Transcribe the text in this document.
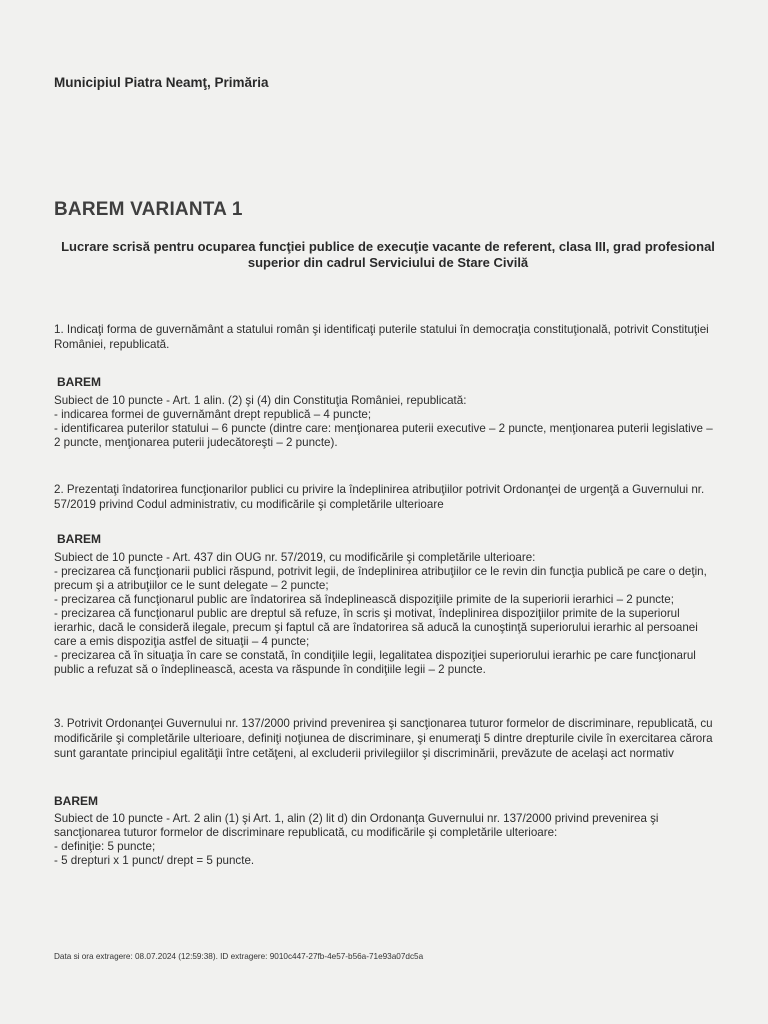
Municipiul Piatra Neamţ, Primăria
BAREM VARIANTA 1
Lucrare scrisă pentru ocuparea funcţiei publice de execuţie vacante de referent, clasa III, grad profesional superior din cadrul Serviciului de Stare Civilă
1. Indicaţi forma de guvernământ a statului român şi identificaţi puterile statului în democraţia constituţională, potrivit Constituţiei României, republicată.
BAREM
Subiect de 10 puncte - Art. 1 alin. (2) şi (4) din Constituţia României, republicată:
- indicarea formei de guvernământ drept republică – 4 puncte;
- identificarea puterilor statului – 6 puncte (dintre care: menţionarea puterii executive – 2 puncte, menţionarea puterii legislative – 2 puncte, menţionarea puterii judecătoreşti – 2 puncte).
2. Prezentaţi îndatorirea funcţionarilor publici cu privire la îndeplinirea atribuţiilor potrivit Ordonanţei de urgenţă a Guvernului nr. 57/2019 privind Codul administrativ, cu modificările şi completările ulterioare
BAREM
Subiect de 10 puncte - Art. 437 din OUG nr. 57/2019, cu modificările şi completările ulterioare:
- precizarea că funcţionarii publici răspund, potrivit legii, de îndeplinirea atribuţiilor ce le revin din funcţia publică pe care o deţin, precum şi a atribuţiilor ce le sunt delegate – 2 puncte;
- precizarea că funcţionarul public are îndatorirea să îndeplinească dispoziţiile primite de la superiorii ierarhici – 2 puncte;
- precizarea că funcţionarul public are dreptul să refuze, în scris şi motivat, îndeplinirea dispoziţiilor primite de la superiorul ierarhic, dacă le consideră ilegale, precum şi faptul că are îndatorirea să aducă la cunoştinţă superiorului ierarhic al persoanei care a emis dispoziţia astfel de situaţii – 4 puncte;
- precizarea că în situaţia în care se constată, în condiţiile legii, legalitatea dispoziţiei superiorului ierarhic pe care funcţionarul public a refuzat să o îndeplinească, acesta va răspunde în condiţiile legii – 2 puncte.
3. Potrivit Ordonanţei Guvernului nr. 137/2000 privind prevenirea şi sancţionarea tuturor formelor de discriminare, republicată, cu modificările şi completările ulterioare, definiţi noţiunea de discriminare, şi enumeraţi 5 dintre drepturile civile în exercitarea cărora sunt garantate principiul egalităţii între cetăţeni, al excluderii privilegiilor şi discriminării, prevăzute de acelaşi act normativ
BAREM
Subiect de 10 puncte - Art. 2 alin (1) şi Art. 1, alin (2) lit d) din Ordonanţa Guvernului nr. 137/2000 privind prevenirea şi sancţionarea tuturor formelor de discriminare republicată, cu modificările şi completările ulterioare:
- definiţie: 5 puncte;
- 5 drepturi x 1 punct/ drept = 5 puncte.
Data si ora extragere: 08.07.2024 (12:59:38). ID extragere: 9010c447-27fb-4e57-b56a-71e93a07dc5a
